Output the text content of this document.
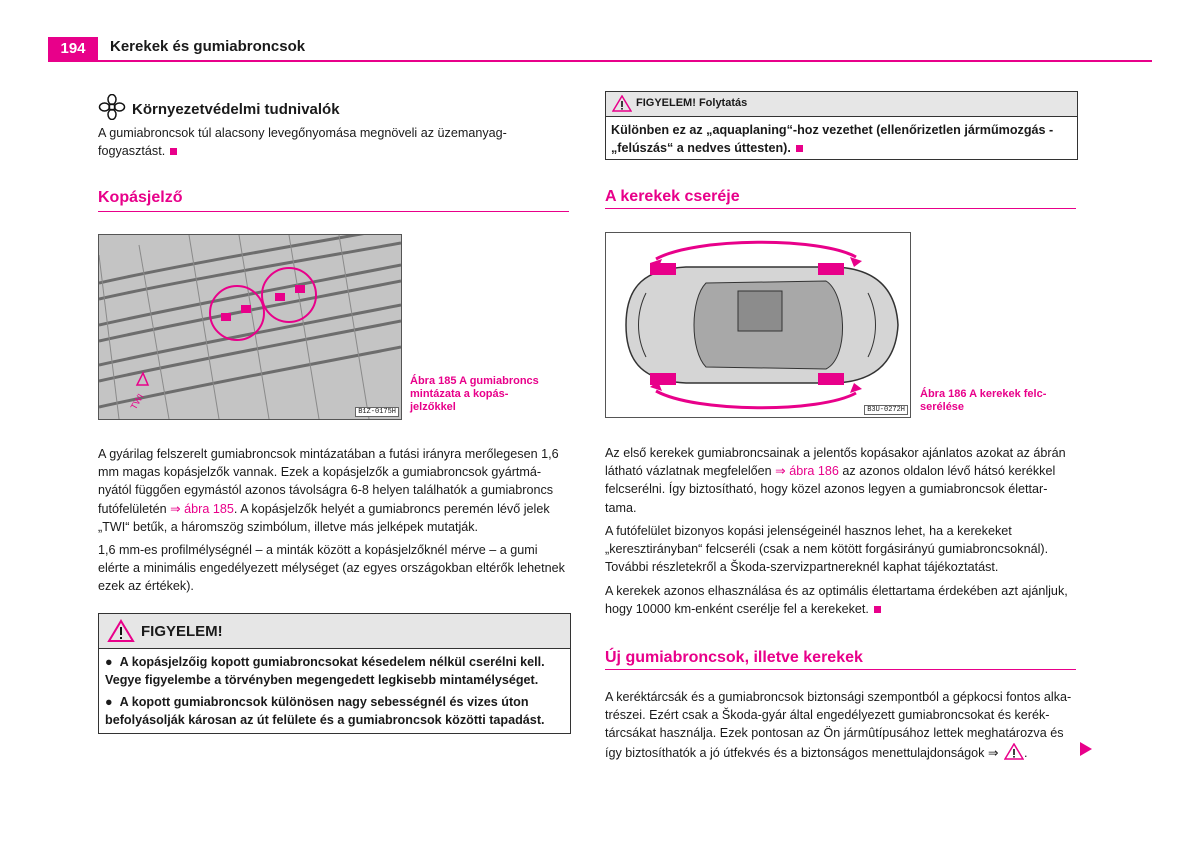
194	Kerekek és gumiabroncsok
Környezetvédelmi tudnivalók
A gumiabroncsok túl alacsony levegőnyomása megnöveli az üzemanyag-
fogyasztást.
Kopásjelző
TWI
B1Z-0175H
Ábra 185 A gumiabroncs
mintázata a kopás-
jelzőkkel
A gyárilag felszerelt gumiabroncsok mintázatában a futási irányra merőlegesen 1,6
mm magas kopásjelzők vannak. Ezek a kopásjelzők a gumiabroncsok gyártmá-
nyától függően egymástól azonos távolságra 6-8 helyen találhatók a gumiabroncs
futófelületén ⇒ ábra 185. A kopásjelzők helyét a gumiabroncs peremén lévő jelek
„TWI“ betűk, a háromszög szimbólum, illetve más jelképek mutatják.
1,6 mm-es profilmélységnél – a minták között a kopásjelzőknél mérve – a gumi
elérte a minimális engedélyezett mélységet (az egyes országokban eltérők lehetnek
ezek az értékek).
FIGYELEM!
●  A kopásjelzőig kopott gumiabroncsokat késedelem nélkül cserélni kell.
Vegye figyelembe a törvényben megengedett legkisebb mintamélységet.
●  A kopott gumiabroncsok különösen nagy sebességnél és vizes úton
befolyásolják károsan az út felülete és a gumiabroncsok közötti tapadást.
FIGYELEM! Folytatás
Különben ez az „aquaplaning“-hoz vezethet (ellenőrizetlen járműmozgás -
„felúszás“ a nedves úttesten).
A kerekek cseréje
B3U-0272H
Ábra 186 A kerekek felc-
serélése
Az első kerekek gumiabroncsainak a jelentős kopásakor ajánlatos azokat az ábrán
látható vázlatnak megfelelően ⇒ ábra 186 az azonos oldalon lévő hátsó kerékkel
felcserélni. Így biztosítható, hogy közel azonos legyen a gumiabroncsok élettar-
tama.
A futófelület bizonyos kopási jelenségeinél hasznos lehet, ha a kerekeket
„keresztirányban“ felcseréli (csak a nem kötött forgásirányú gumiabroncsoknál).
További részletekről a Škoda-szervizpartnereknél kaphat tájékoztatást.
A kerekek azonos elhasználása és az optimális élettartama érdekében azt ajánljuk,
hogy 10000 km-enként cserélje fel a kerekeket.
Új gumiabroncsok, illetve kerekek
A keréktárcsák és a gumiabroncsok biztonsági szempontból a gépkocsi fontos alka-
trészei. Ezért csak a Škoda-gyár által engedélyezett gumiabroncsokat és kerék-
tárcsákat használja. Ezek pontosan az Ön jármûtípusához lettek meghatározva és
így biztosíthatók a jó útfekvés és a biztonságos menettulajdonságok ⇒ .
